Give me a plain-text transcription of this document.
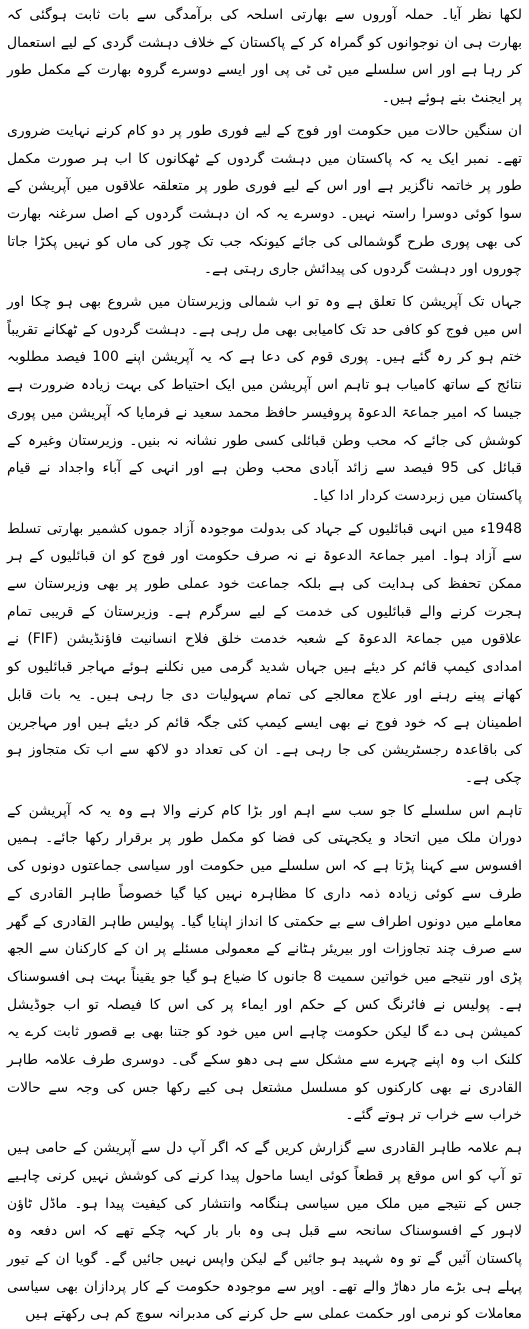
لکھا نظر آیا۔ حملہ آوروں سے بھارتی اسلحہ کی برآمدگی سے بات ثابت ہوگئی کہ بھارت ہی ان نوجوانوں کو گمراہ کر کے پاکستان کے خلاف دہشت گردی کے لیے استعمال کر رہا ہے اور اس سلسلے میں ٹی ٹی پی اور ایسے دوسرے گروہ بھارت کے مکمل طور پر ایجنٹ بنے ہوئے ہیں۔

ان سنگین حالات میں حکومت اور فوج کے لیے فوری طور پر دو کام کرنے نہایت ضروری تھے۔ نمبر ایک یہ کہ پاکستان میں دہشت گردوں کے ٹھکانوں کا اب ہر صورت مکمل طور پر خاتمہ ناگزیر ہے اور اس کے لیے فوری طور پر متعلقہ علاقوں میں آپریشن کے سوا کوئی دوسرا راستہ نہیں۔ دوسرے یہ کہ ان دہشت گردوں کے اصل سرغنہ بھارت کی بھی پوری طرح گوشمالی کی جائے کیونکہ جب تک چور کی ماں کو نہیں پکڑا جاتا چوروں اور دہشت گردوں کی پیدائش جاری رہتی ہے۔

جہاں تک آپریشن کا تعلق ہے وہ تو اب شمالی وزیرستان میں شروع بھی ہو چکا اور اس میں فوج کو کافی حد تک کامیابی بھی مل رہی ہے۔ دہشت گردوں کے ٹھکانے تقریباً ختم ہو کر رہ گئے ہیں۔ پوری قوم کی دعا ہے کہ یہ آپریشن اپنے 100 فیصد مطلوبہ نتائج کے ساتھ کامیاب ہو تاہم اس آپریشن میں ایک احتیاط کی بہت زیادہ ضرورت ہے جیسا کہ امیر جماعۃ الدعوۃ پروفیسر حافظ محمد سعید نے فرمایا کہ آپریشن میں پوری کوشش کی جائے کہ محب وطن قبائلی کسی طور نشانہ نہ بنیں۔ وزیرستان وغیرہ کے قبائل کی 95 فیصد سے زائد آبادی محب وطن ہے اور انہی کے آباء واجداد نے قیام پاکستان میں زبردست کردار ادا کیا۔

1948ء میں انہی قبائلیوں کے جہاد کی بدولت موجودہ آزاد جموں کشمیر بھارتی تسلط سے آزاد ہوا۔ امیر جماعۃ الدعوۃ نے نہ صرف حکومت اور فوج کو ان قبائلیوں کے ہر ممکن تحفظ کی ہدایت کی ہے بلکہ جماعت خود عملی طور پر بھی وزیرستان سے ہجرت کرنے والے قبائلیوں کی خدمت کے لیے سرگرم ہے۔ وزیرستان کے قریبی تمام علاقوں میں جماعۃ الدعوۃ کے شعبہ خدمت خلق فلاح انسانیت فاؤنڈیشن (FIF) نے امدادی کیمپ قائم کر دیئے ہیں جہاں شدید گرمی میں نکلنے ہوئے مہاجر قبائلیوں کو کھانے پینے رہنے اور علاج معالجے کی تمام سہولیات دی جا رہی ہیں۔ یہ بات قابل اطمینان ہے کہ خود فوج نے بھی ایسے کیمپ کئی جگہ قائم کر دیئے ہیں اور مہاجرین کی باقاعدہ رجسٹریشن کی جا رہی ہے۔ ان کی تعداد دو لاکھ سے اب تک متجاوز ہو چکی ہے۔

تاہم اس سلسلے کا جو سب سے اہم اور بڑا کام کرنے والا ہے وہ یہ کہ آپریشن کے دوران ملک میں اتحاد و یکجہتی کی فضا کو مکمل طور پر برقرار رکھا جائے۔ ہمیں افسوس سے کہنا پڑتا ہے کہ اس سلسلے میں حکومت اور سیاسی جماعتوں دونوں کی طرف سے کوئی زیادہ ذمہ داری کا مظاہرہ نہیں کیا گیا خصوصاً طاہر القادری کے معاملے میں دونوں اطراف سے بے حکمتی کا انداز اپنایا گیا۔ پولیس طاہر القادری کے گھر سے صرف چند تجاوزات اور بیریئر ہٹانے کے معمولی مسئلے پر ان کے کارکنان سے الجھ پڑی اور نتیجے میں خواتین سمیت 8 جانوں کا ضیاع ہو گیا جو یقیناً بہت ہی افسوسناک ہے۔ پولیس نے فائرنگ کس کے حکم اور ایماء پر کی اس کا فیصلہ تو اب جوڈیشل کمیشن ہی دے گا لیکن حکومت چاہے اس میں خود کو جتنا بھی بے قصور ثابت کرے یہ کلنک اب وہ اپنے چہرے سے مشکل سے ہی دھو سکے گی۔ دوسری طرف علامہ طاہر القادری نے بھی کارکنوں کو مسلسل مشتعل ہی کیے رکھا جس کی وجہ سے حالات خراب سے خراب تر ہوتے گئے۔

ہم علامہ طاہر القادری سے گزارش کریں گے کہ اگر آپ دل سے آپریشن کے حامی ہیں تو آپ کو اس موقع پر قطعاً کوئی ایسا ماحول پیدا کرنے کی کوشش نہیں کرنی چاہیے جس کے نتیجے میں ملک میں سیاسی ہنگامہ وانتشار کی کیفیت پیدا ہو۔ ماڈل ٹاؤن لاہور کے افسوسناک سانحہ سے قبل ہی وہ بار بار کہہ چکے تھے کہ اس دفعہ وہ پاکستان آئیں گے تو وہ شہید ہو جائیں گے لیکن واپس نہیں جائیں گے۔ گویا ان کے تیور پہلے ہی بڑے مار دھاڑ والے تھے۔ اوپر سے موجودہ حکومت کے کار پردازان بھی سیاسی معاملات کو نرمی اور حکمت عملی سے حل کرنے کی مدبرانہ سوچ کم ہی رکھتے ہیں
